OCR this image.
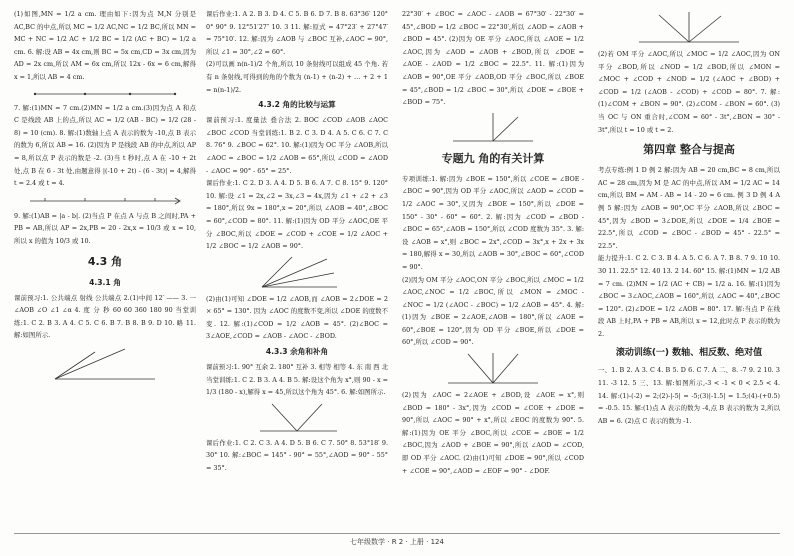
(1)如图,MN = 1/2 a cm. 理由如下:因为点 M,N 分别是 AC,BC 的中点,所以 MC = 1/2 AC,NC = 1/2 BC,所以 MN = MC + NC = 1/2 AC + 1/2 BC = 1/2 (AC + BC) = 1/2 a cm. 6. 解:设 AB = 4x cm,则 BC = 5x cm,CD = 3x cm,因为 AD = 2x cm,所以 AM = 6x cm,所以 12x - 6x = 6 cm,解得 x = 1,所以 AB = 4 cm.

7. 解:(1)MN = 7 cm.(2)MN = 1/2 a cm.(3)因为点 A 和点 C 是线段 AB 上的点,所以 AC = 1/2 (AB - BC) = 1/2 (28 - 8) = 10 (cm). 8. 解:(1)数轴上点 A 表示的数为 -10,点 B 表示的数为 6,所以 AB = 16. (2)因为 P 是线段 AB 的中点,所以 AP = 8,所以点 P 表示的数是 -2. (3)当 t 秒时,点 A 在 -10 + 2t 处,点 B 在 6 - 3t 处,由题意得 |(-10 + 2t) - (6 - 3t)| = 4,解得 t = 2.4 或 t = 4.

9. 解:(1)AB = |a - b|. (2)当点 P 在点 A 与点 B 之间时,PA + PB = AB,所以 AP = 2x,PB = 20 - 2x,x = 10/3 或 x = 10,所以 x 的值为 10/3 或 10.

4.3 角
4.3.1 角

课前预习:1. 公共端点 射线 公共端点 2.(1)中间 12′ —— 3. 一 ∠AOB ∠O ∠1 ∠α 4. 度 分 秒 60 60 360 180 90 当堂训练:1. C 2. B 3. A 4. C 5. C 6. B 7. B 8. B 9. D 10. 略 11. 解:如图所示.

课后作业:1. A 2. B 3. D 4. C 5. B 6. D 7. B 8. 63°36′ 120° 0° 90° 9. 12°51′27″ 10. 3 11. 解:原式 = 47°23′ + 27°47′ = 75°10′. 12. 解:因为 ∠AOB 与 ∠BOC 互补,∠AOC = 90°,所以 ∠1 = 30°,∠2 = 60°.

(2)可以画 n(n-1)/2 个角,所以 10 条射线可以组成 45 个角. 若有 n 条射线,可得到的角的个数为 (n-1) + (n-2) + … + 2 + 1 = n(n-1)/2.

4.3.2 角的比较与运算

课前预习:1. 度量法 叠合法 2. BOC ∠COD ∠AOB ∠AOC ∠BOC ∠COD 当堂训练:1. B 2. C 3. D 4. A 5. C 6. C 7. C 8. 76° 9. ∠BOC = 62°. 10. 解:(1)因为 OC 平分 ∠AOB,所以 ∠AOC = ∠BOC = 1/2 ∠AOB = 65°,所以 ∠COD = ∠AOD - ∠AOC = 90° - 65° = 25°.

课后作业:1. C 2. D 3. A 4. D 5. B 6. A 7. C 8. 15° 9. 120° 10. 解:设 ∠1 = 2x,∠2 = 3x,∠3 = 4x,因为 ∠1 + ∠2 + ∠3 = 180°,所以 9x = 180°,x = 20°,所以 ∠AOB = 40°,∠BOC = 60°,∠COD = 80°. 11. 解:(1)因为 OD 平分 ∠AOC,OE 平分 ∠BOC,所以 ∠DOE = ∠COD + ∠COE = 1/2 ∠AOC + 1/2 ∠BOC = 1/2 ∠AOB = 90°.

(2)由(1)可知 ∠DOE = 1/2 ∠AOB,而 ∠AOB = 2∠DOE = 2 × 65° = 130°. 因为 ∠AOC 的度数不变,所以 ∠DOE 的度数不变. 12. 解:(1)∠COD = 1/2 ∠AOB = 45°. (2)∠BOC = 3∠AOE,∠COD = ∠AOB - ∠AOC - ∠BOD.

4.3.3 余角和补角

课前预习:1. 90° 互余 2. 180° 互补 3. 相等 相等 4. 东 南 西 北 当堂训练:1. C 2. B 3. A 4. B 5. 解:设这个角为 x°,则 90 - x = 1/3 (180 - x),解得 x = 45,所以这个角为 45°. 6. 解:如图所示.

课后作业:1. C 2. C 3. A 4. D 5. B 6. C 7. 50° 8. 53°18′ 9. 30° 10. 解:∠BOC = 145° - 90° = 55°,∠AOD = 90° - 55° = 35°.

22°30′ + ∠BOC = ∠AOC - ∠AOB = 67°30′ - 22°30′ = 45°,∠BOD = 1/2 ∠BOC = 22°30′,所以 ∠AOD = ∠AOB + ∠BOD = 45°. (2)因为 OE 平分 ∠AOC,所以 ∠AOE = 1/2 ∠AOC,因为 ∠AOD = ∠AOB + ∠BOD,所以 ∠DOE = ∠AOE - ∠AOD = 1/2 ∠BOC = 22.5°. 11. 解:(1)因为 ∠AOB = 90°,OE 平分 ∠AOB,OD 平分 ∠BOC,所以 ∠BOE = 45°,∠BOD = 1/2 ∠BOC = 30°,所以 ∠DOE = ∠BOE + ∠BOD = 75°.

专题九 角的有关计算

专项训练:1. 解:因为 ∠BOE = 150°,所以 ∠COE = ∠BOE - ∠BOC = 90°,因为 OD 平分 ∠AOC,所以 ∠AOD = ∠COD = 1/2 ∠AOC = 30°,又因为 ∠BOE = 150°,所以 ∠DOE = 150° - 30° - 60° = 60°. 2. 解:因为 ∠COD = ∠BOD - ∠BOC = 65°,∠AOB = 150°,所以 ∠COD 度数为 35°. 3. 解:设 ∠AOB = x°,则 ∠BOC = 2x°,∠COD = 3x°,x + 2x + 3x = 180,解得 x = 30,所以 ∠AOB = 30°,∠BOC = 60°,∠COD = 90°.

(2)因为 OM 平分 ∠AOC,ON 平分 ∠BOC,所以 ∠MOC = 1/2 ∠AOC,∠NOC = 1/2 ∠BOC,所以 ∠MON = ∠MOC - ∠NOC = 1/2 (∠AOC - ∠BOC) = 1/2 ∠AOB = 45°. 4. 解:(1)因为 ∠BOE = 2∠AOE,∠AOB = 180°,所以 ∠AOE = 60°,∠BOE = 120°,因为 OD 平分 ∠BOE,所以 ∠DOE = 60°,所以 ∠COD = 90°.

(2)因为 ∠AOC = 2∠AOE + ∠BOD,设 ∠AOE = x°,则 ∠BOD = 180° - 3x°,因为 ∠COD = ∠COE + ∠DOE = 90°,所以 ∠AOC = 90° + x°,所以 ∠EOC 的度数为 90°. 5. 解:(1)因为 OE 平分 ∠BOC,所以 ∠COE = ∠BOE = 1/2 ∠BOC,因为 ∠AOD + ∠BOE = 90°,所以 ∠AOD = ∠COD,即 OD 平分 ∠AOC. (2)由(1)可知 ∠DOE = 90°,所以 ∠COD + ∠COE = 90°,∠AOD = ∠EOF = 90° - ∠DOF.

(2)若 OM 平分 ∠AOC,所以 ∠MOC = 1/2 ∠AOC,因为 ON 平分 ∠BOD,所以 ∠NOD = 1/2 ∠BOD,所以 ∠MON = ∠MOC + ∠COD + ∠NOD = 1/2 (∠AOC + ∠BOD) + ∠COD = 1/2 (∠AOB - ∠COD) + ∠COD = 80°. 7. 解:(1)∠COM + ∠BON = 90°. (2)∠COM - ∠BON = 60°. (3)当 OC 与 ON 重合时,∠COM = 60° - 3t°,∠BON = 30° - 3t°,所以 t = 10 或 t = 2.

第四章 整合与提高

考点专练:例 1 D 例 2 解:因为 AB = 20 cm,BC = 8 cm,所以 AC = 28 cm,因为 M 是 AC 的中点,所以 AM = 1/2 AC = 14 cm,所以 BM = AM - AB = 14 - 20 = 6 cm. 例 3 D 例 4 A 例 5 解:因为 ∠AOB = 90°,OC 平分 ∠AOB,所以 ∠BOC = 45°,因为 ∠BOD = 3∠DOE,所以 ∠DOE = 1/4 ∠BOE = 22.5°,所以 ∠COD = ∠BOC - ∠BOD = 45° - 22.5° = 22.5°.

能力提升:1. C 2. C 3. B 4. A 5. C 6. A 7. B 8. 7 9. 10 10. 30 11. 22.5° 12. 40 13. 2 14. 60° 15. 解:(1)MN = 1/2 AB = 7 cm. (2)MN = 1/2 (AC + CB) = 1/2 a. 16. 解:(1)因为 ∠BOC = 3∠AOC,∠AOB = 160°,所以 ∠AOC = 40°,∠BOC = 120°. (2)∠DOE = 1/2 ∠AOB = 80°. 17. 解:当点 P 在线段 AB 上时,PA + PB = AB,所以 x = 12,此时点 P 表示的数为 2.

滚动训练(一) 数轴、相反数、绝对值

一、1. B 2. A 3. C 4. B 5. D 6. C 7. A 二、8. -7 9. 2 10. 3 11. -3 12. 5 三、13. 解:如图所示,-3 < -1 < 0 < 2.5 < 4. 14. 解:(1)-(-2) = 2;(2)-|-5| = -5;(3)|-1.5| = 1.5;(4)-(+0.5) = -0.5. 15. 解:(1)点 A 表示的数为 -4,点 B 表示的数为 2,所以 AB = 6. (2)点 C 表示的数为 -1.

七年级数学 · R 2 · 上册 · 124
